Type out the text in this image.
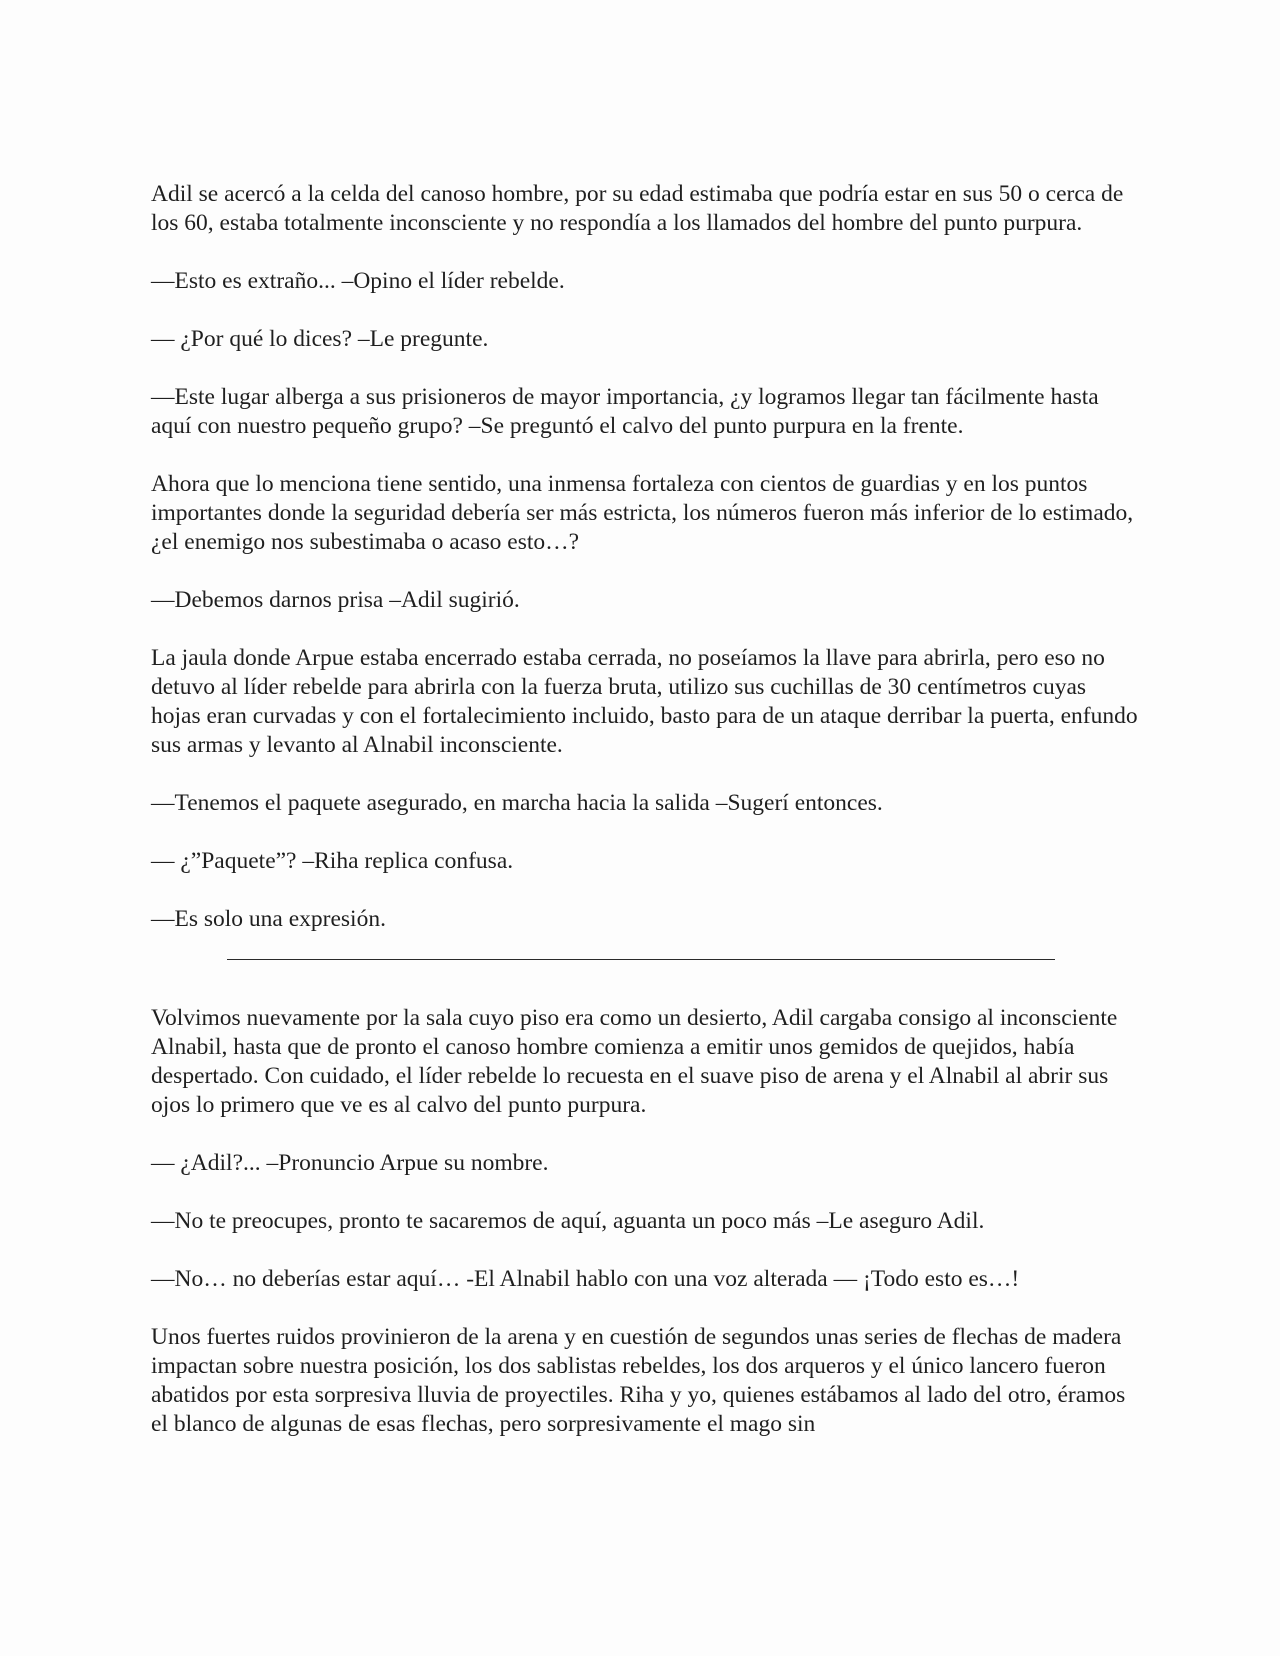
Adil se acercó a la celda del canoso hombre, por su edad estimaba que podría estar en sus 50 o cerca de los 60, estaba totalmente inconsciente y no respondía a los llamados del hombre del punto purpura.

—Esto es extraño... –Opino el líder rebelde.

— ¿Por qué lo dices? –Le pregunte.

—Este lugar alberga a sus prisioneros de mayor importancia, ¿y logramos llegar tan fácilmente hasta aquí con nuestro pequeño grupo? –Se preguntó el calvo del punto purpura en la frente.

Ahora que lo menciona tiene sentido, una inmensa fortaleza con cientos de guardias y en los puntos importantes donde la seguridad debería ser más estricta, los números fueron más inferior de lo estimado, ¿el enemigo nos subestimaba o acaso esto…?

—Debemos darnos prisa –Adil sugirió.

La jaula donde Arpue estaba encerrado estaba cerrada, no poseíamos la llave para abrirla, pero eso no detuvo al líder rebelde para abrirla con la fuerza bruta, utilizo sus cuchillas de 30 centímetros cuyas hojas eran curvadas y con el fortalecimiento incluido, basto para de un ataque derribar la puerta, enfundo sus armas y levanto al Alnabil inconsciente.

—Tenemos el paquete asegurado, en marcha hacia la salida –Sugerí entonces.

— ¿”Paquete”? –Riha replica confusa.

—Es solo una expresión.

Volvimos nuevamente por la sala cuyo piso era como un desierto, Adil cargaba consigo al inconsciente Alnabil, hasta que de pronto el canoso hombre comienza a emitir unos gemidos de quejidos, había despertado. Con cuidado, el líder rebelde lo recuesta en el suave piso de arena y el Alnabil al abrir sus ojos lo primero que ve es al calvo del punto purpura.

— ¿Adil?... –Pronuncio Arpue su nombre.

—No te preocupes, pronto te sacaremos de aquí, aguanta un poco más –Le aseguro Adil.

—No… no deberías estar aquí… -El Alnabil hablo con una voz alterada — ¡Todo esto es…!

Unos fuertes ruidos provinieron de la arena y en cuestión de segundos unas series de flechas de madera impactan sobre nuestra posición, los dos sablistas rebeldes, los dos arqueros y el único lancero fueron abatidos por esta sorpresiva lluvia de proyectiles. Riha y yo, quienes estábamos al lado del otro, éramos el blanco de algunas de esas flechas, pero sorpresivamente el mago sin
